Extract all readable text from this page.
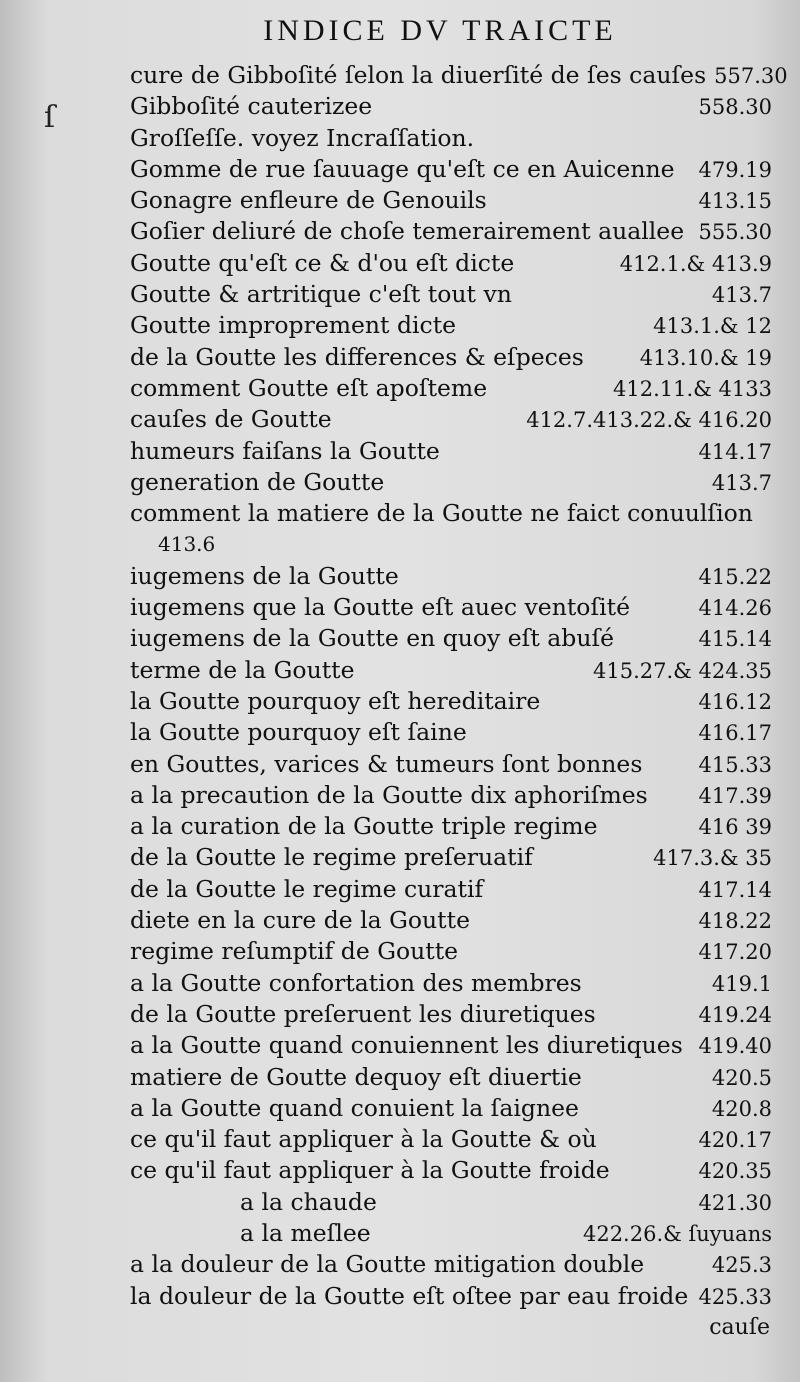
ſ
INDICE DV TRAICTE
cure de Gibboſité ſelon la diuerſité de ſes cauſes 557.30
Gibboſité cauterizee	558.30
Groſſeſſe. voyez Incraſſation.
Gomme de rue ſauuage qu'eſt ce en Auicenne	479.19
Gonagre enfleure de Genouils	413.15
Goſier deliuré de choſe temerairement auallee 555.30
Goutte qu'eſt ce & d'ou eſt dicte	412.1.& 413.9
Goutte & artritique c'eſt tout vn	413.7
Goutte improprement dicte	413.1.& 12
de la Goutte les differences & eſpeces	413.10.& 19
comment Goutte eſt apoſteme	412.11.& 4133
cauſes de Goutte	412.7.413.22.& 416.20
humeurs faiſans la Goutte	414.17
generation de Goutte	413.7
comment la matiere de la Goutte ne faict conuulſion
413.6
iugemens de la Goutte	415.22
iugemens que la Goutte eſt auec ventoſité	414.26
iugemens de la Goutte en quoy eſt abuſé	415.14
terme de la Goutte	415.27.& 424.35
la Goutte pourquoy eſt hereditaire	416.12
la Goutte pourquoy eſt ſaine	416.17
en Gouttes, varices & tumeurs ſont bonnes	415.33
a la precaution de la Goutte dix aphoriſmes	417.39
a la curation de la Goutte triple regime	416 39
de la Goutte le regime preſeruatif	417.3.& 35
de la Goutte le regime curatif	417.14
diete en la cure de la Goutte	418.22
regime reſumptif de Goutte	417.20
a la Goutte confortation des membres	419.1
de la Goutte preſeruent les diuretiques	419.24
a la Goutte quand conuiennent les diuretiques 419.40
matiere de Goutte dequoy eſt diuertie	420.5
a la Goutte quand conuient la ſaignee	420.8
ce qu'il faut appliquer à la Goutte & où	420.17
ce qu'il faut appliquer à la Goutte froide	420.35
a la chaude	421.30
a la meſlee	422.26.& ſuyuans
a la douleur de la Goutte mitigation double	425.3
la douleur de la Goutte eſt oſtee par eau froide 425.33
cauſe
